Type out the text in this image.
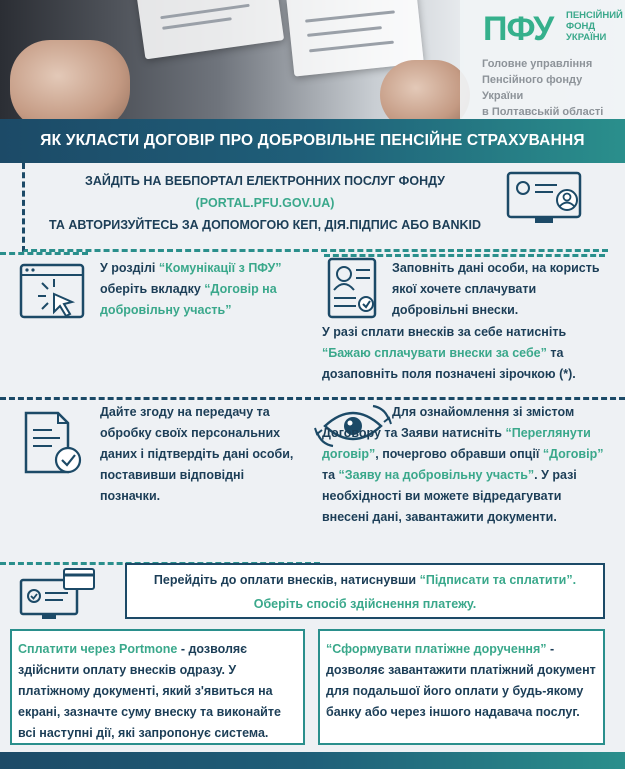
ПФУ ПЕНСІЙНИЙ
ФОНД
УКРАЇНИ
Головне управління
Пенсійного фонду України
в Полтавській області
ЯК УКЛАСТИ ДОГОВІР ПРО ДОБРОВІЛЬНЕ ПЕНСІЙНЕ СТРАХУВАННЯ
ЗАЙДІТЬ НА ВЕБПОРТАЛ ЕЛЕКТРОННИХ ПОСЛУГ ФОНДУ
(PORTAL.PFU.GOV.UA)
ТА АВТОРИЗУЙТЕСЬ ЗА ДОПОМОГОЮ КЕП, ДІЯ.ПІДПИС АБО BANKID
У розділі “Комунікації з ПФУ” оберіть вкладку “Договір на добровільну участь”
Заповніть дані особи, на користь якої хочете сплачувати добровільні внески.
У разі сплати внесків за себе натисніть “Бажаю сплачувати внески за себе” та дозаповніть поля позначені зірочкою (*).
Дайте згоду на передачу та обробку своїх персональних даних і підтвердіть дані особи, поставивши відповідні позначки.
Для ознайомлення зі змістом Договору та Заяви натисніть “Переглянути договір”, почергово обравши опції “Договір” та “Заяву на добровільну участь”. У разі необхідності ви можете відредагувати внесені дані, завантажити документи.
Перейдіть до оплати внесків, натиснувши “Підписати та сплатити”.
Оберіть спосіб здійснення платежу.
Сплатити через Portmone - дозволяє здійснити оплату внесків одразу. У платіжному документі, який з'явиться на екрані, зазначте суму внеску та виконайте всі наступні дії, які запропонує система.
“Сформувати платіжне доручення” - дозволяє завантажити платіжний документ для подальшої його оплати у будь-якому банку або через іншого надавача послуг.
